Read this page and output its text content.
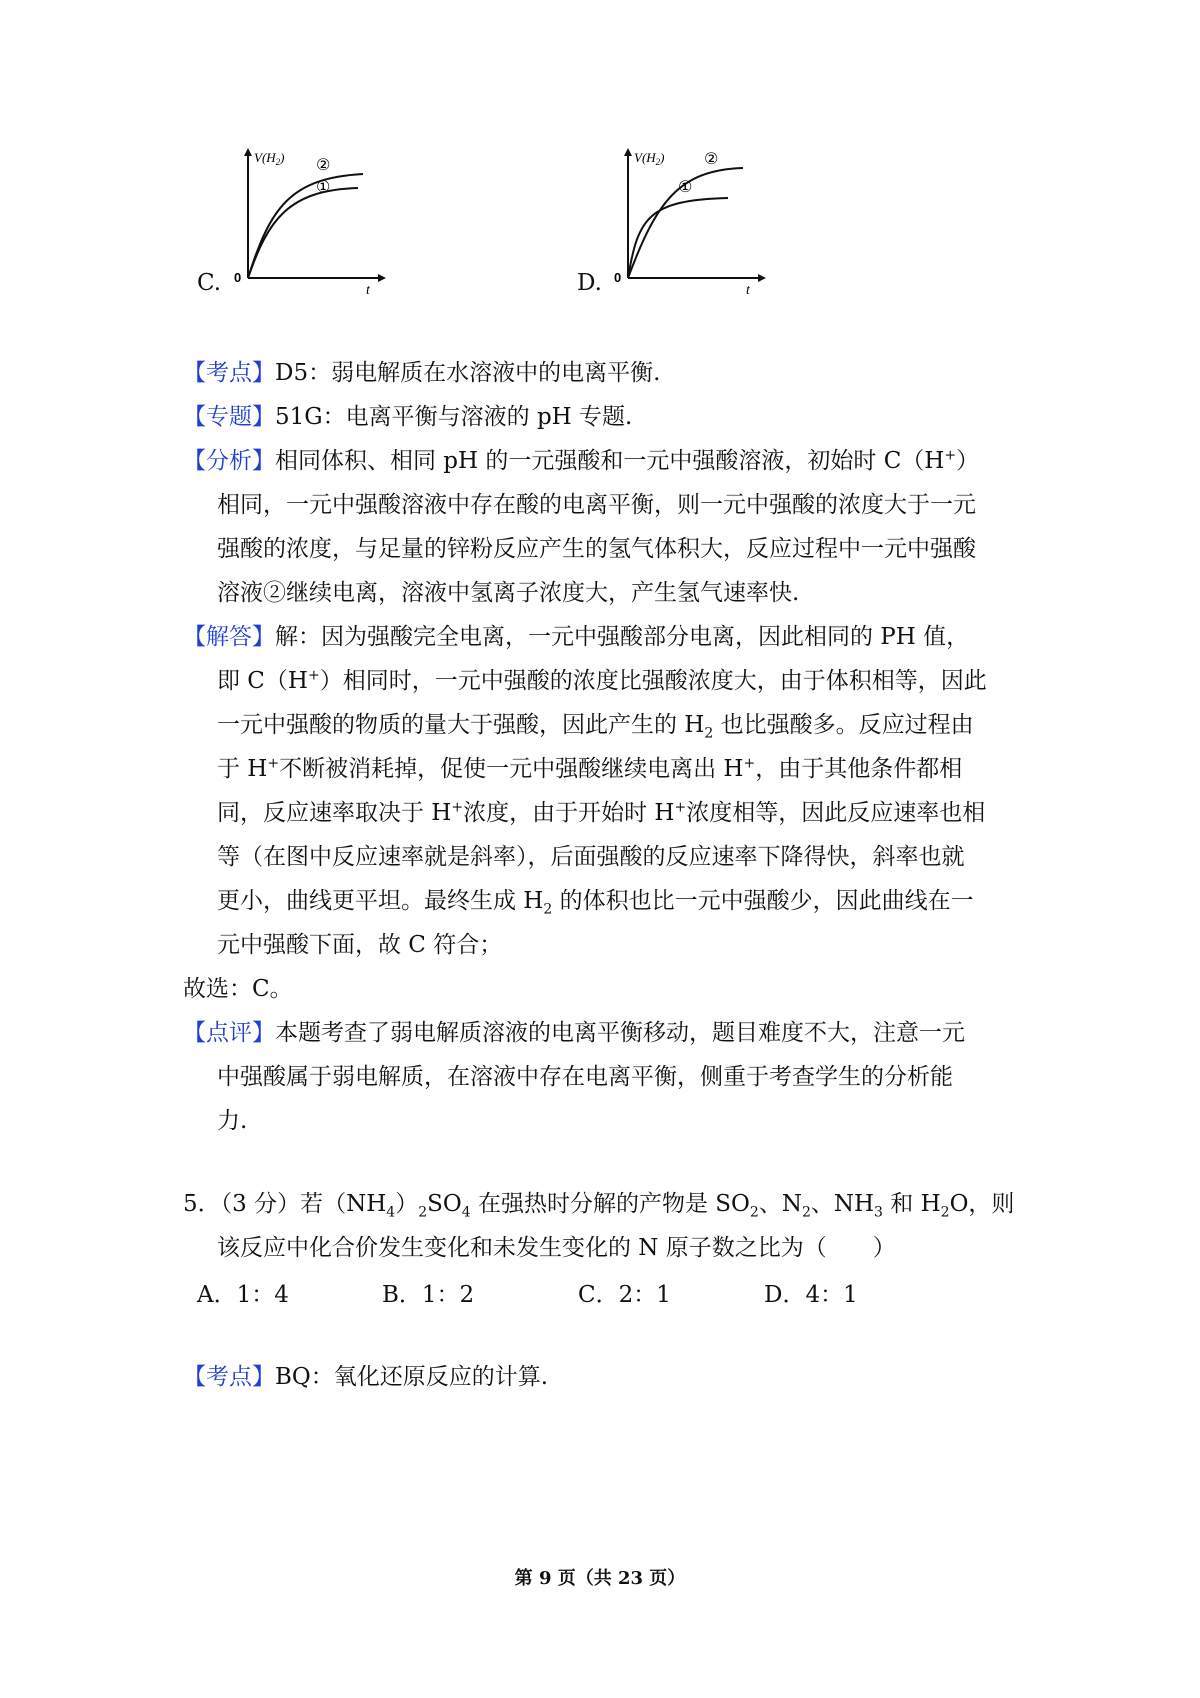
C.
$V(H_2)$ ②
①
0
t	D.
$V(H_2)$ ②
①
0
t
【考点】D5：弱电解质在水溶液中的电离平衡.
【专题】51G：电离平衡与溶液的 pH 专题.
【分析】相同体积、相同 pH 的一元强酸和一元中强酸溶液，初始时 C（H+）
相同，一元中强酸溶液中存在酸的电离平衡，则一元中强酸的浓度大于一元
强酸的浓度，与足量的锌粉反应产生的氢气体积大，反应过程中一元中强酸
溶液②继续电离，溶液中氢离子浓度大，产生氢气速率快.
【解答】解：因为强酸完全电离，一元中强酸部分电离，因此相同的 PH 值，
即 C（H+）相同时，一元中强酸的浓度比强酸浓度大，由于体积相等，因此
一元中强酸的物质的量大于强酸，因此产生的 $H_2$ 也比强酸多。反应过程由
于 H+不断被消耗掉，促使一元中强酸继续电离出 H+，由于其他条件都相
同，反应速率取决于 H+浓度，由于开始时 H+浓度相等，因此反应速率也相
等（在图中反应速率就是斜率），后面强酸的反应速率下降得快，斜率也就
更小，曲线更平坦。最终生成 $H_2$ 的体积也比一元中强酸少，因此曲线在一
元中强酸下面，故 C 符合；
故选：C。
【点评】本题考查了弱电解质溶液的电离平衡移动，题目难度不大，注意一元
中强酸属于弱电解质，在溶液中存在电离平衡，侧重于考查学生的分析能
力.
5．（3 分）若$(NH_4)_2SO_4$ 在强热时分解的产物是 $SO_2$、$N_2$、$NH_3$ 和 $H_2O$，则
该反应中化合价发生变化和未发生变化的 N 原子数之比为（　　）
A．1：4	B．1：2	C．2：1	D．4：1
【考点】BQ：氧化还原反应的计算.
第 9 页（共 23 页）
